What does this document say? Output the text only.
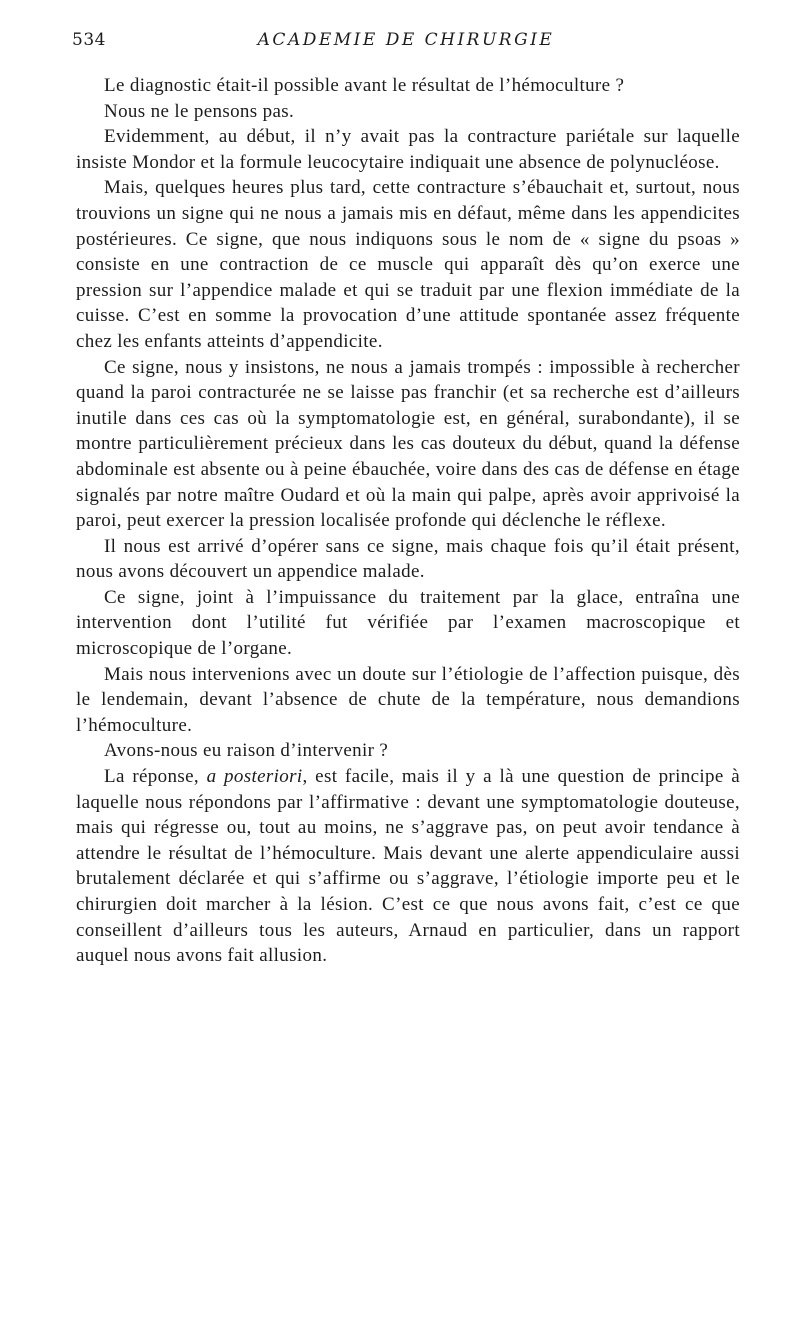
534	ACADEMIE DE CHIRURGIE

Le diagnostic était-il possible avant le résultat de l’hémoculture ?

Nous ne le pensons pas.

Evidemment, au début, il n’y avait pas la contracture pariétale sur laquelle insiste Mondor et la formule leucocytaire indiquait une absence de polynucléose.

Mais, quelques heures plus tard, cette contracture s’ébauchait et, surtout, nous trouvions un signe qui ne nous a jamais mis en défaut, même dans les appendicites postérieures. Ce signe, que nous indiquons sous le nom de « signe du psoas » consiste en une contraction de ce muscle qui apparaît dès qu’on exerce une pression sur l’appendice malade et qui se traduit par une flexion immédiate de la cuisse. C’est en somme la provocation d’une attitude spontanée assez fréquente chez les enfants atteints d’appendicite.

Ce signe, nous y insistons, ne nous a jamais trompés : impossible à rechercher quand la paroi contracturée ne se laisse pas franchir (et sa recherche est d’ailleurs inutile dans ces cas où la symptomatologie est, en général, surabondante), il se montre particulièrement précieux dans les cas douteux du début, quand la défense abdominale est absente ou à peine ébauchée, voire dans des cas de défense en étage signalés par notre maître Oudard et où la main qui palpe, après avoir apprivoisé la paroi, peut exercer la pression localisée profonde qui déclenche le réflexe.

Il nous est arrivé d’opérer sans ce signe, mais chaque fois qu’il était présent, nous avons découvert un appendice malade.

Ce signe, joint à l’impuissance du traitement par la glace, entraîna une intervention dont l’utilité fut vérifiée par l’examen macroscopique et microscopique de l’organe.

Mais nous intervenions avec un doute sur l’étiologie de l’affection puisque, dès le lendemain, devant l’absence de chute de la température, nous demandions l’hémoculture.

Avons-nous eu raison d’intervenir ?

La réponse, a posteriori, est facile, mais il y a là une question de principe à laquelle nous répondons par l’affirmative : devant une symptomatologie douteuse, mais qui régresse ou, tout au moins, ne s’aggrave pas, on peut avoir tendance à attendre le résultat de l’hémoculture. Mais devant une alerte appendiculaire aussi brutalement déclarée et qui s’affirme ou s’aggrave, l’étiologie importe peu et le chirurgien doit marcher à la lésion. C’est ce que nous avons fait, c’est ce que conseillent d’ailleurs tous les auteurs, Arnaud en particulier, dans un rapport auquel nous avons fait allusion.
